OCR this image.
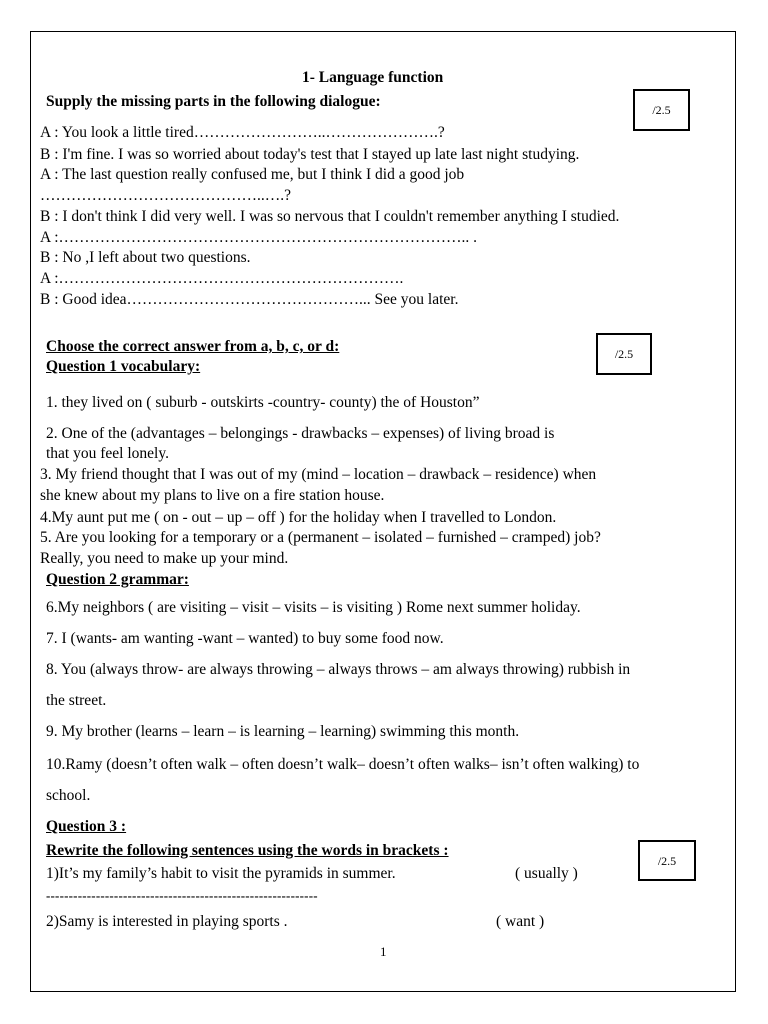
1- Language function
Supply the missing parts in the following dialogue:	/2.5
A : You look a little tired……………………..………………….?
B : I'm fine. I was so worried about today's test that I stayed up late last night studying.
A : The last question really confused me, but I think I did a good job
……………………………………..….?
B : I don't think I did very well. I was so nervous that I couldn't remember anything I studied.
A :…………………………………………………………………….. .
B : No ,I left about two questions.
A :………………………………………………………….
B : Good idea………………………………………... See you later.
Choose the correct answer from a, b, c, or d:	/2.5
Question 1 vocabulary:
1. they lived on ( suburb - outskirts -country- county) the of Houston”
2. One of the (advantages – belongings - drawbacks – expenses) of living broad is
that you feel lonely.
3. My friend thought that I was out of my (mind – location – drawback – residence) when
she knew about my plans to live on a fire station house.
4.My aunt put me ( on - out – up – off ) for the holiday when I travelled to London.
5. Are you looking for a temporary or a (permanent – isolated – furnished – cramped) job?
Really, you need to make up your mind.
Question 2 grammar:
6.My neighbors ( are visiting – visit – visits – is visiting ) Rome next summer holiday.
7. I (wants- am wanting -want – wanted) to buy some food now.
8. You (always throw- are always throwing – always throws – am always throwing) rubbish in
the street.
9. My brother (learns – learn – is learning – learning) swimming this month.
10.Ramy (doesn’t often walk – often doesn’t walk– doesn’t often walks– isn’t often walking) to
school.
Question 3 :
Rewrite the following sentences using the words in brackets :
/2.5
1)It’s my family’s habit to visit the pyramids in summer.	( usually )
------------------------------------------------------------
2)Samy is interested in playing sports .	( want )
1
